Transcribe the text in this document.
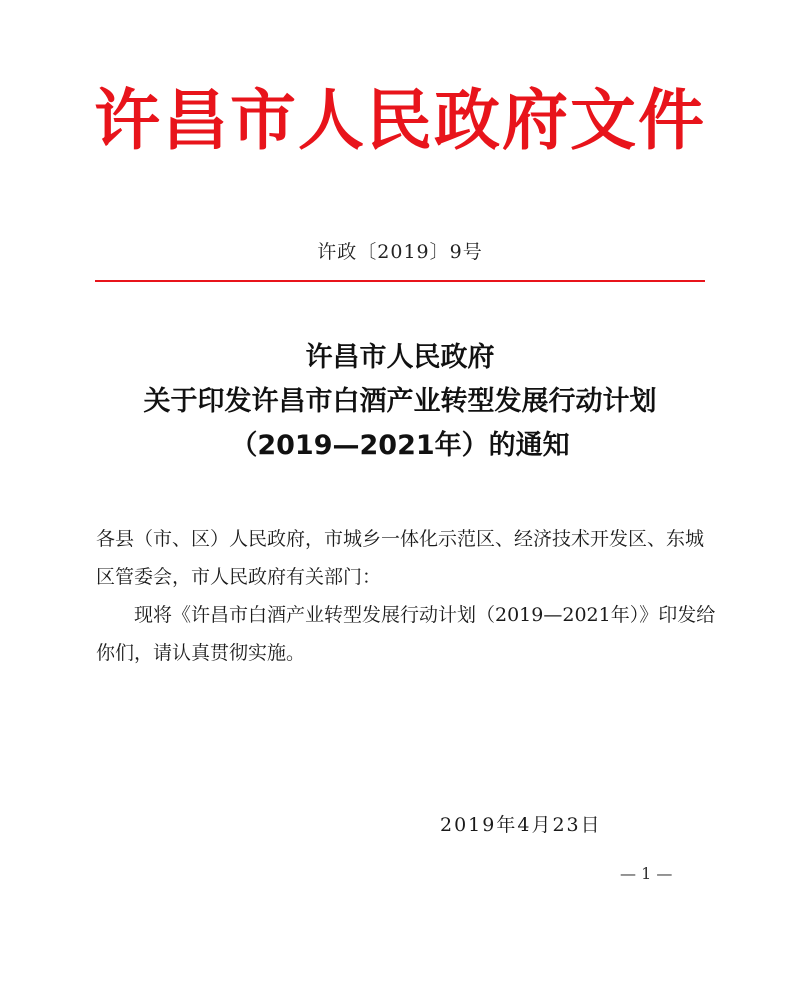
许昌市人民政府文件
许政〔2019〕9号
许昌市人民政府
关于印发许昌市白酒产业转型发展行动计划
（2019—2021年）的通知

各县（市、区）人民政府，市城乡一体化示范区、经济技术开发区、东城区管委会，市人民政府有关部门：

现将《许昌市白酒产业转型发展行动计划（2019—2021年）》印发给你们，请认真贯彻实施。

2019年4月23日
— 1 —
